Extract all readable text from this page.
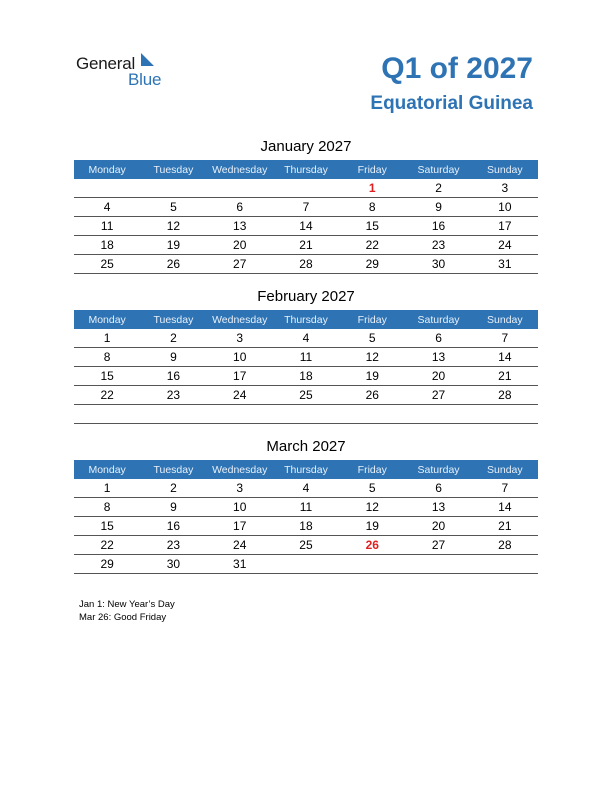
General
Blue	Q1 of 2027
Equatorial Guinea
January 2027
Monday	Tuesday	Wednesday	Thursday	Friday	Saturday	Sunday
				1	2	3
4	5	6	7	8	9	10
11	12	13	14	15	16	17
18	19	20	21	22	23	24
25	26	27	28	29	30	31
February 2027
Monday	Tuesday	Wednesday	Thursday	Friday	Saturday	Sunday
1	2	3	4	5	6	7
8	9	10	11	12	13	14
15	16	17	18	19	20	21
22	23	24	25	26	27	28

March 2027
Monday	Tuesday	Wednesday	Thursday	Friday	Saturday	Sunday
1	2	3	4	5	6	7
8	9	10	11	12	13	14
15	16	17	18	19	20	21
22	23	24	25	26	27	28
29	30	31				
Jan 1: New Year’s Day
Mar 26: Good Friday
